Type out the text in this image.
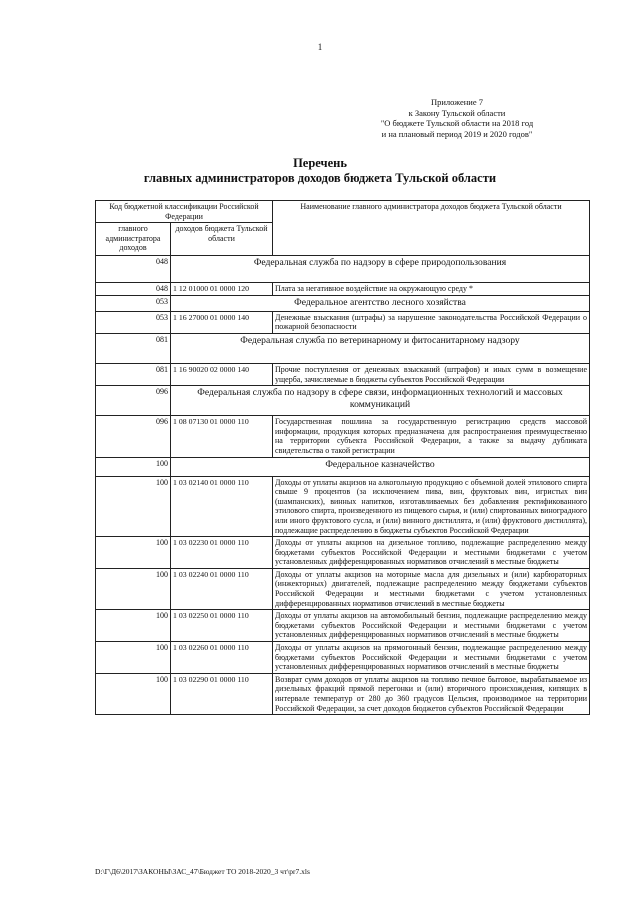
1
Приложение 7
к Закону Тульской области
"О бюджете Тульской области на 2018 год
и на плановый период 2019 и 2020 годов"
Перечень
главных администраторов доходов бюджета Тульской области
Код бюджетной классификации Российской Федерации		Наименование главного администратора доходов бюджета Тульской области
главного администратора доходов	доходов бюджета Тульской области	
048	Федеральная служба по надзору в сфере природопользования	
048	1 12 01000 01 0000 120	Плата за негативное воздействие на окружающую среду *
053	Федеральное агентство лесного хозяйства	
053	1 16 27000 01 0000 140	Денежные взыскания (штрафы) за нарушение законодательства Российской Федерации о пожарной безопасности
081	Федеральная служба по ветеринарному и фитосанитарному надзору	
081	1 16 90020 02 0000 140	Прочие поступления от денежных взысканий (штрафов) и иных сумм в возмещение ущерба, зачисляемые в бюджеты субъектов Российской Федерации
096	Федеральная служба по надзору в сфере связи, информационных технологий и массовых коммуникаций	
096	1 08 07130 01 0000 110	Государственная пошлина за государственную регистрацию средств массовой информации, продукция которых предназначена для распространения преимущественно на территории субъекта Российской Федерации, а также за выдачу дубликата свидетельства о такой регистрации
100	Федеральное казначейство	
100	1 03 02140 01 0000 110	Доходы от уплаты акцизов на алкогольную продукцию с объемной долей этилового спирта свыше 9 процентов (за исключением пива, вин, фруктовых вин, игристых вин (шампанских), винных напитков, изготавливаемых без добавления ректификованного этилового спирта, произведенного из пищевого сырья, и (или) спиртованных виноградного или иного фруктового сусла, и (или) винного дистиллята, и (или) фруктового дистиллята), подлежащие распределению в бюджеты субъектов Российской Федерации
100	1 03 02230 01 0000 110	Доходы от уплаты акцизов на дизельное топливо, подлежащие распределению между бюджетами субъектов Российской Федерации и местными бюджетами с учетом установленных дифференцированных нормативов отчислений в местные бюджеты
100	1 03 02240 01 0000 110	Доходы от уплаты акцизов на моторные масла для дизельных и (или) карбюраторных (инжекторных) двигателей, подлежащие распределению между бюджетами субъектов Российской Федерации и местными бюджетами с учетом установленных дифференцированных нормативов отчислений в местные бюджеты
100	1 03 02250 01 0000 110	Доходы от уплаты акцизов на автомобильный бензин, подлежащие распределению между бюджетами субъектов Российской Федерации и местными бюджетами с учетом установленных дифференцированных нормативов отчислений в местные бюджеты
100	1 03 02260 01 0000 110	Доходы от уплаты акцизов на прямогонный бензин, подлежащие распределению между бюджетами субъектов Российской Федерации и местными бюджетами с учетом установленных дифференцированных нормативов отчислений в местные бюджеты
100	1 03 02290 01 0000 110	Возврат сумм доходов от уплаты акцизов на топливо печное бытовое, вырабатываемое из дизельных фракций прямой перегонки и (или) вторичного происхождения, кипящих в интервале температур от 280 до 360 градусов Цельсия, производимое на территории Российской Федерации, за счет доходов бюджетов субъектов Российской Федерации
D:\Г\Д6\2017\ЗАКОНЫ\ЗАС_47\Бюджет ТО 2018-2020_3 чт\pr7.xls
